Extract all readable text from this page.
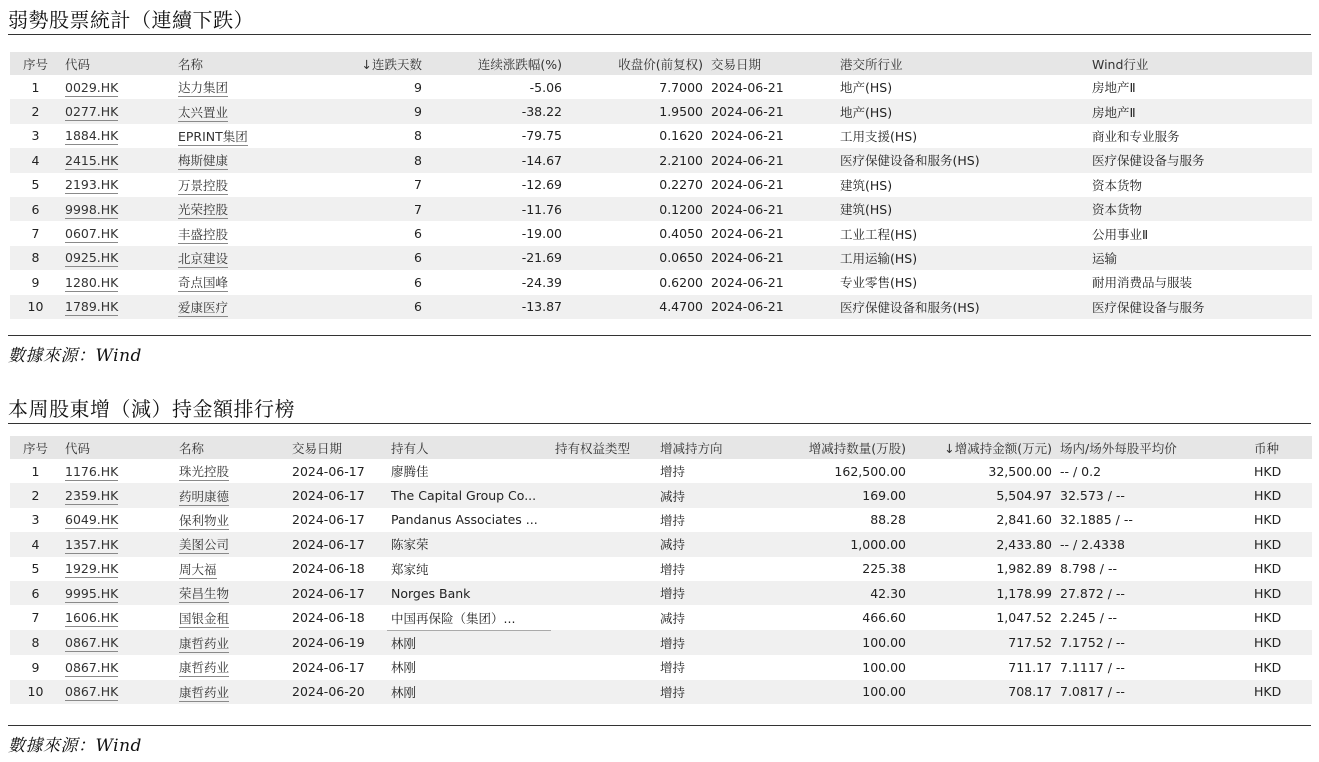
弱勢股票統計（連續下跌）
序号	代码	名称	↓连跌天数	连续涨跌幅(%)	收盘价(前复权)	交易日期	港交所行业	Wind行业
1	0029.HK	达力集团	9	-5.06	7.7000	2024-06-21	地产(HS)	房地产Ⅱ
2	0277.HK	太兴置业	9	-38.22	1.9500	2024-06-21	地产(HS)	房地产Ⅱ
3	1884.HK	EPRINT集团	8	-79.75	0.1620	2024-06-21	工用支援(HS)	商业和专业服务
4	2415.HK	梅斯健康	8	-14.67	2.2100	2024-06-21	医疗保健设备和服务(HS)	医疗保健设备与服务
5	2193.HK	万景控股	7	-12.69	0.2270	2024-06-21	建筑(HS)	资本货物
6	9998.HK	光荣控股	7	-11.76	0.1200	2024-06-21	建筑(HS)	资本货物
7	0607.HK	丰盛控股	6	-19.00	0.4050	2024-06-21	工业工程(HS)	公用事业Ⅱ
8	0925.HK	北京建设	6	-21.69	0.0650	2024-06-21	工用运输(HS)	运输
9	1280.HK	奇点国峰	6	-24.39	0.6200	2024-06-21	专业零售(HS)	耐用消费品与服装
10	1789.HK	爱康医疗	6	-13.87	4.4700	2024-06-21	医疗保健设备和服务(HS)	医疗保健设备与服务
數據來源：Wind
本周股東增（減）持金額排行榜
序号	代码	名称	交易日期	持有人	持有权益类型	增减持方向	增减持数量(万股)	↓增减持金额(万元)	场内/场外每股平均价	币种
1	1176.HK	珠光控股	2024-06-17	廖腾佳		增持	162,500.00	32,500.00	-- / 0.2	HKD
2	2359.HK	药明康德	2024-06-17	The Capital Group Co...		减持	169.00	5,504.97	32.573 / --	HKD
3	6049.HK	保利物业	2024-06-17	Pandanus Associates ...		增持	88.28	2,841.60	32.1885 / --	HKD
4	1357.HK	美图公司	2024-06-17	陈家荣		减持	1,000.00	2,433.80	-- / 2.4338	HKD
5	1929.HK	周大福	2024-06-18	郑家纯		增持	225.38	1,982.89	8.798 / --	HKD
6	9995.HK	荣昌生物	2024-06-17	Norges Bank		增持	42.30	1,178.99	27.872 / --	HKD
7	1606.HK	国银金租	2024-06-18	中国再保险（集团）...		减持	466.60	1,047.52	2.245 / --	HKD
8	0867.HK	康哲药业	2024-06-19	林刚		增持	100.00	717.52	7.1752 / --	HKD
9	0867.HK	康哲药业	2024-06-17	林刚		增持	100.00	711.17	7.1117 / --	HKD
10	0867.HK	康哲药业	2024-06-20	林刚		增持	100.00	708.17	7.0817 / --	HKD
數據來源：Wind
